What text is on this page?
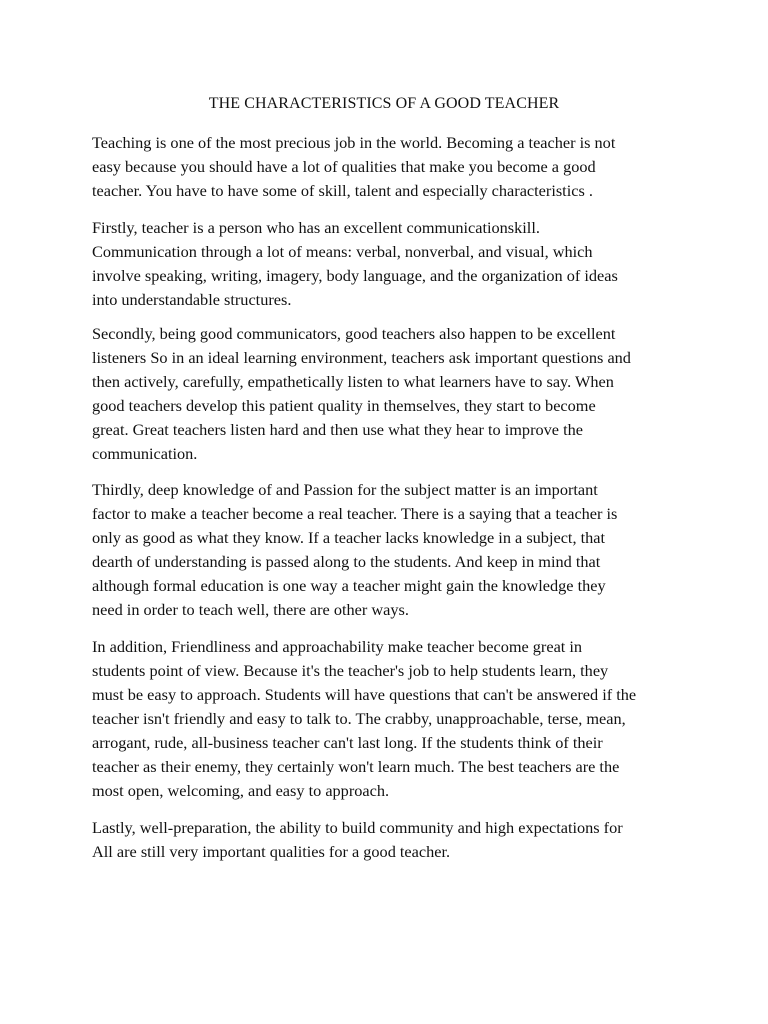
THE CHARACTERISTICS OF A GOOD TEACHER

Teaching is one of the most precious job in the world. Becoming a teacher is not
easy because you should have a lot of qualities that make you become a good
teacher. You have to have some of skill, talent and especially characteristics .

Firstly, teacher is a person who has an excellent communicationskill.
Communication through a lot of means: verbal, nonverbal, and visual, which
involve speaking, writing, imagery, body language, and the organization of ideas
into understandable structures.

Secondly, being good communicators, good teachers also happen to be excellent
listeners So in an ideal learning environment, teachers ask important questions and
then actively, carefully, empathetically listen to what learners have to say. When
good teachers develop this patient quality in themselves, they start to become
great. Great teachers listen hard and then use what they hear to improve the
communication.

Thirdly, deep knowledge of and Passion for the subject matter is an important
factor to make a teacher become a real teacher. There is a saying that a teacher is
only as good as what they know. If a teacher lacks knowledge in a subject, that
dearth of understanding is passed along to the students. And keep in mind that
although formal education is one way a teacher might gain the knowledge they
need in order to teach well, there are other ways.

In addition, Friendliness and approachability make teacher become great in
students point of view. Because it's the teacher's job to help students learn, they
must be easy to approach. Students will have questions that can't be answered if the
teacher isn't friendly and easy to talk to. The crabby, unapproachable, terse, mean,
arrogant, rude, all-business teacher can't last long. If the students think of their
teacher as their enemy, they certainly won't learn much. The best teachers are the
most open, welcoming, and easy to approach.

Lastly, well-preparation, the ability to build community and high expectations for
All are still very important qualities for a good teacher.
